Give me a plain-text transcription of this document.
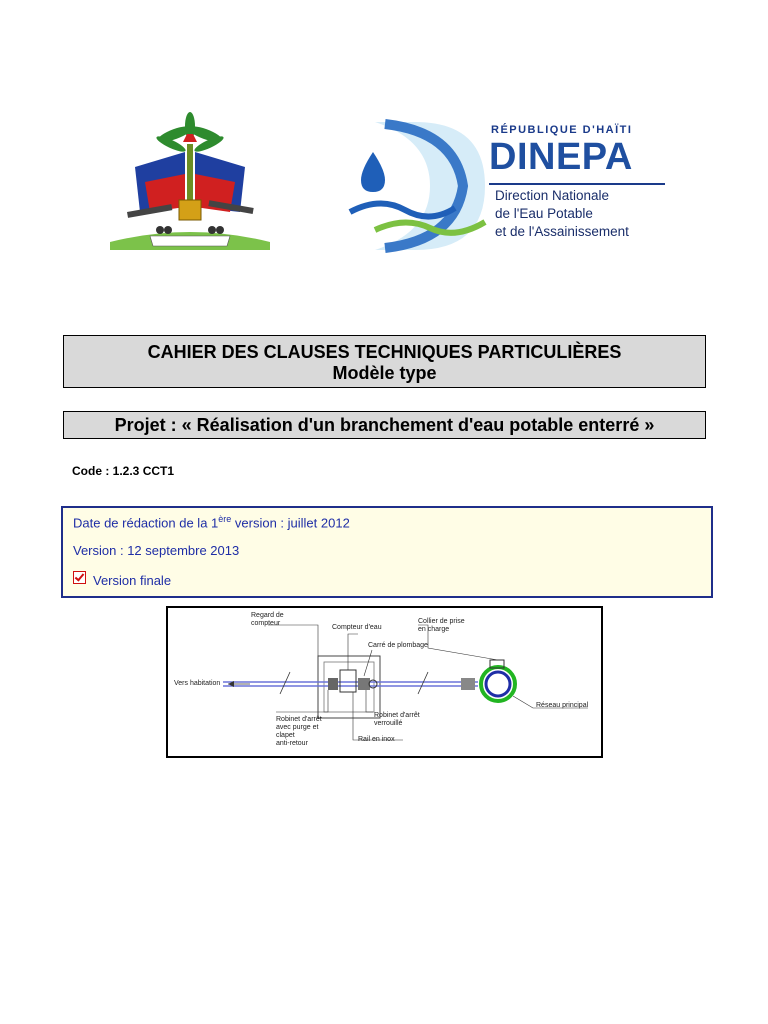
RÉPUBLIQUE D'HAÏTI
DINEPA
Direction Nationale
de l'Eau Potable
et de l'Assainissement
CAHIER DES CLAUSES TECHNIQUES PARTICULIÈRES
Modèle type
Projet : « Réalisation d'un branchement d'eau potable enterré »
Code : 1.2.3 CCT1
Date de rédaction de la 1ère version : juillet 2012
Version : 12 septembre 2013
Version finale
Regard de
compteur
Compteur d'eau
Collier de prise
en charge
Carré de plombage
Vers habitation
Réseau principal
Robinet d'arrêt
avec purge et
clapet
anti-retour
Robinet d'arrêt
verrouillé
Rail en inox
